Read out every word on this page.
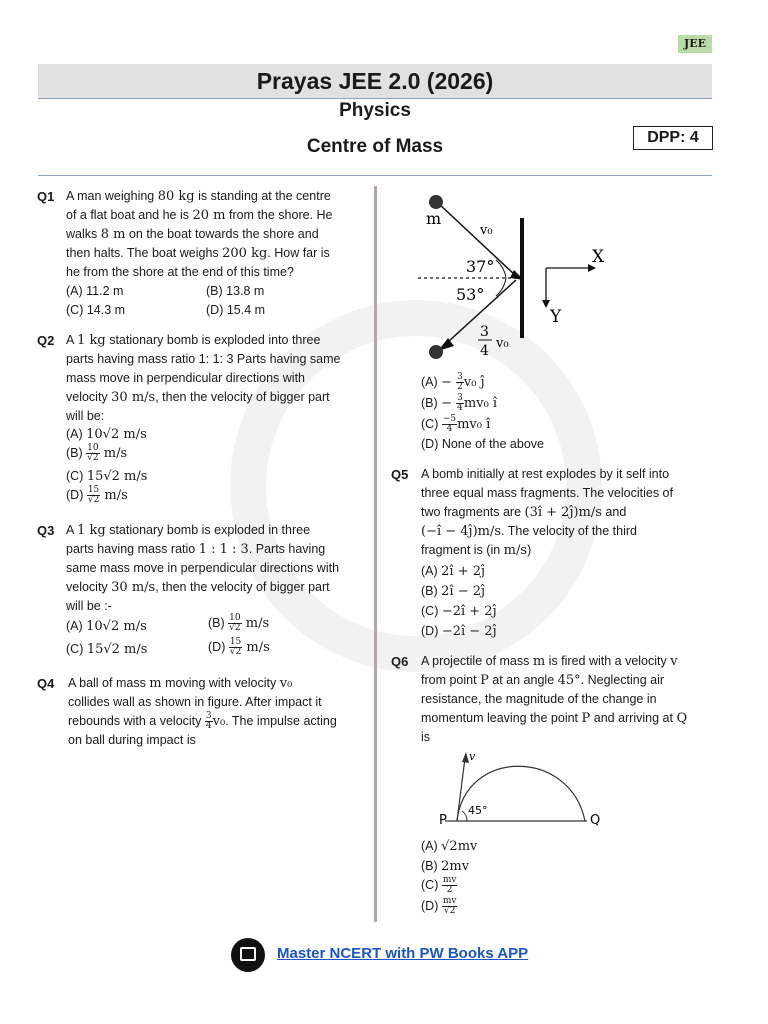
JEE
Prayas JEE 2.0 (2026)
Physics
Centre of Mass	DPP: 4
Q1 A man weighing 80 kg is standing at the centre
of a flat boat and he is 20 m from the shore. He
walks 8 m on the boat towards the shore and
then halts. The boat weighs 200 kg. How far is
he from the shore at the end of this time?
(A) 11.2 m	(B) 13.8 m
(C) 14.3 m	(D) 15.4 m
Q2 A 1 kg stationary bomb is exploded into three
parts having mass ratio 1: 1: 3 Parts having same
mass move in perpendicular directions with
velocity 30 m/s, then the velocity of bigger part
will be:
(A) 10√2 m/s
$(B) \frac{10}{√2} m/s$
(C) 15√2 m/s
$(D) \frac{15}{√2} m/s$
Q3 A 1 kg stationary bomb is exploded in three
parts having mass ratio 1 : 1 : 3. Parts having
same mass move in perpendicular directions with
velocity 30 m/s, then the velocity of bigger part
will be :-
(A) 10√2 m/s	$(B) \frac{10}{√2} m/s$
(C) 15√2 m/s	$(D) \frac{15}{√2} m/s$
Q4 A ball of mass m moving with velocity v₀
collides wall as shown in figure. After impact it
rebounds with a velocity $\frac{3}{4} v_0$. The impulse acting
on ball during impact is
m
v₀
37°
53°
X
Y
3
4 v₀
$(A) - \frac{3}{2} v_0$ ĵ
$(B) - \frac{3}{4} mv_0$ î
$(C) \frac{-5}{4} mv_0$ î
(D) None of the above
Q5 A bomb initially at rest explodes by it self into
three equal mass fragments. The velocities of
two fragments are (3î + 2ĵ)m/s and
(−î − 4ĵ)m/s. The velocity of the third
fragment is (in m/s)
(A) 2î + 2ĵ
(B) 2î − 2ĵ
(C) −2î + 2ĵ
(D) −2î − 2ĵ
Q6 A projectile of mass m is fired with a velocity v
from point P at an angle 45°. Neglecting air
resistance, the magnitude of the change in
momentum leaving the point P and arriving at Q
is
v
P	Q
45°
(A) √2mv
(B) 2mv
$(C) \frac{mv}{2}$
$(D) \frac{mv}{√2}$
Master NCERT with PW Books APP
